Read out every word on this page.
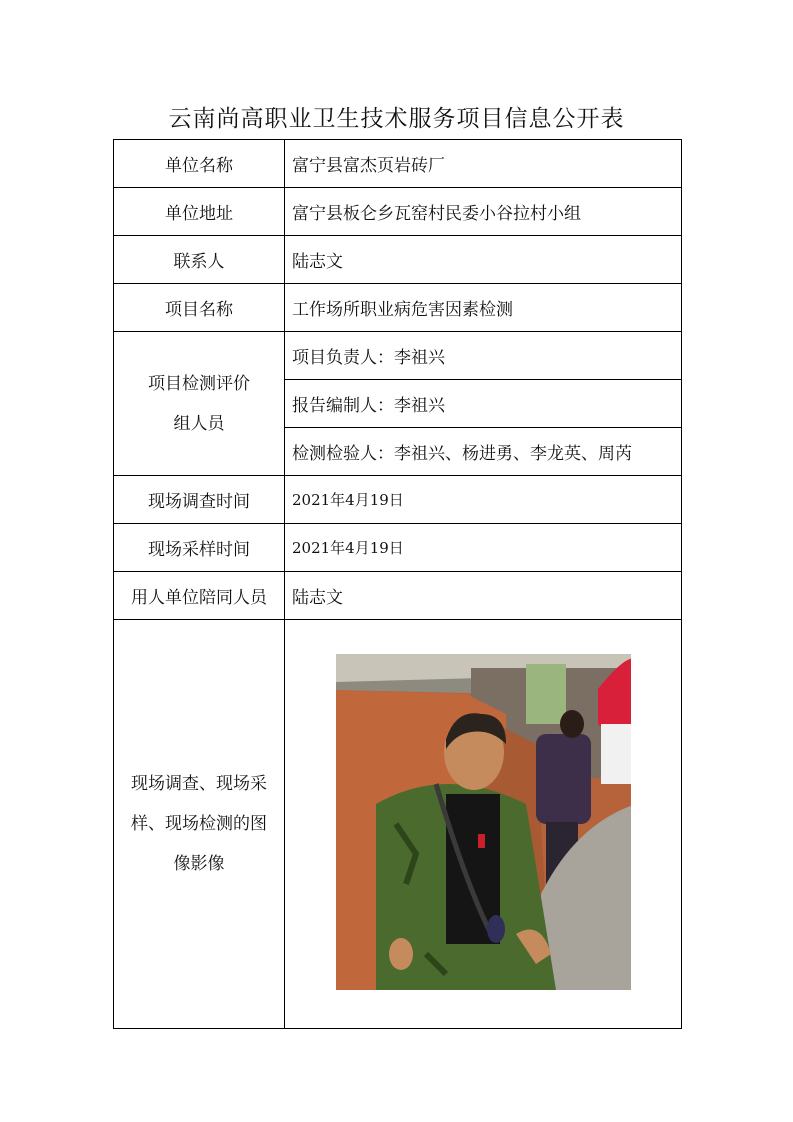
云南尚高职业卫生技术服务项目信息公开表
单位名称	富宁县富杰页岩砖厂
单位地址	富宁县板仑乡瓦窑村民委小谷拉村小组
联系人	陆志文
项目名称	工作场所职业病危害因素检测

项目检测评价
组人员	项目负责人：李祖兴
	报告编制人：李祖兴
	检测检验人：李祖兴、杨进勇、李龙英、周芮
现场调查时间	2021年4月19日
现场采样时间	2021年4月19日
用人单位陪同人员	陆志文

现场调查、现场采
样、现场检测的图
像影像
